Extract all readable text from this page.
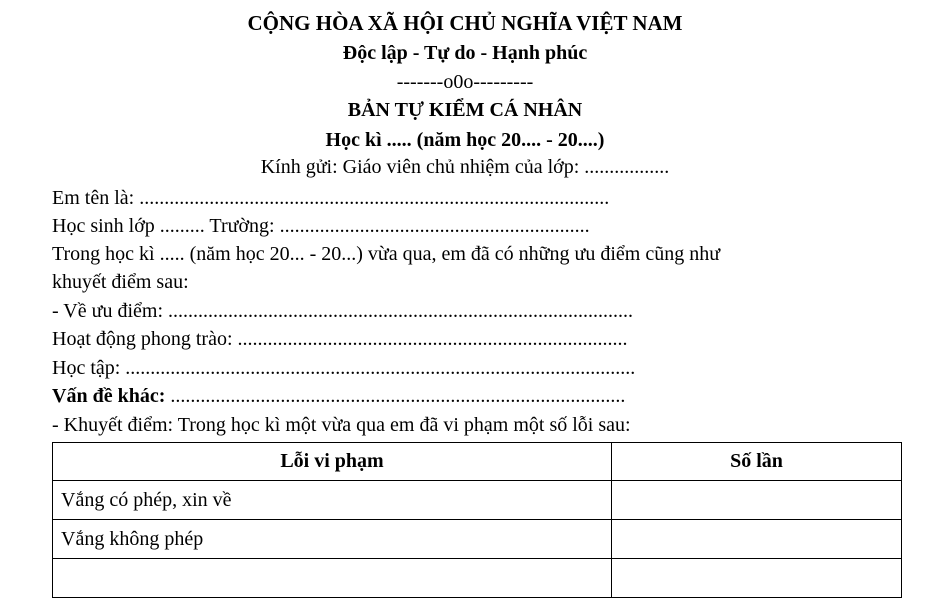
CỘNG HÒA XÃ HỘI CHỦ NGHĨA VIỆT NAM
Độc lập - Tự do - Hạnh phúc
-------o0o---------
BẢN TỰ KIỂM CÁ NHÂN
Học kì ..... (năm học 20.... - 20....)
Kính gửi: Giáo viên chủ nhiệm của lớp: .................
Em tên là: ..............................................................................................
Học sinh lớp ......... Trường: ..............................................................
Trong học kì ..... (năm học 20... - 20...) vừa qua, em đã có những ưu điểm cũng như
khuyết điểm sau:
- Về ưu điểm: .............................................................................................
Hoạt động phong trào: ..............................................................................
Học tập: ......................................................................................................
Vấn đề khác: ...........................................................................................
- Khuyết điểm: Trong học kì một vừa qua em đã vi phạm một số lỗi sau:
Lỗi vi phạm	Số lần
Vắng có phép, xin về	
Vắng không phép	
